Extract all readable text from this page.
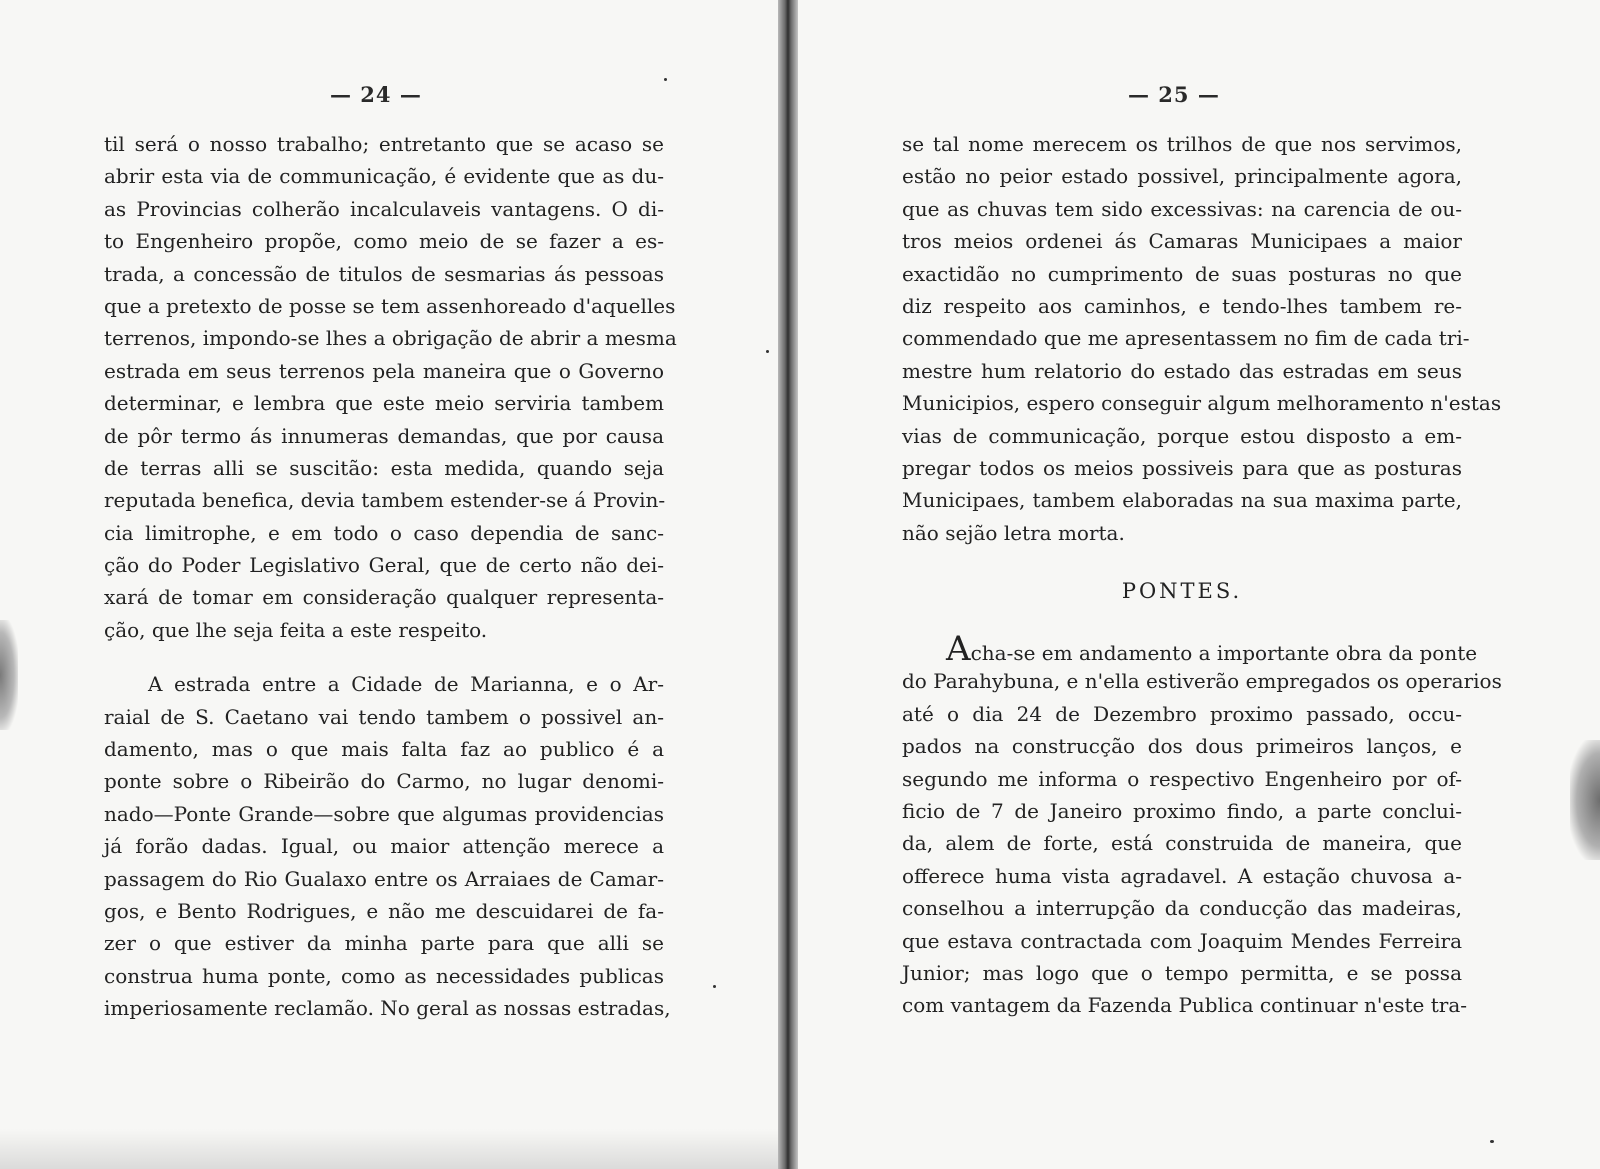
— 24 —
til será o nosso trabalho; entretanto que se acaso se
abrir esta via de communicação, é evidente que as du-
as Provincias colherão incalculaveis vantagens. O di-
to Engenheiro propõe, como meio de se fazer a es-
trada, a concessão de titulos de sesmarias ás pessoas
que a pretexto de posse se tem assenhoreado d'aquelles
terrenos, impondo-se lhes a obrigação de abrir a mesma
estrada em seus terrenos pela maneira que o Governo
determinar, e lembra que este meio serviria tambem
de pôr termo ás innumeras demandas, que por causa
de terras alli se suscitão: esta medida, quando seja
reputada benefica, devia tambem estender-se á Provin-
cia limitrophe, e em todo o caso dependia de sanc-
ção do Poder Legislativo Geral, que de certo não dei-
xará de tomar em consideração qualquer representa-
ção, que lhe seja feita a este respeito.
A estrada entre a Cidade de Marianna, e o Ar-
raial de S. Caetano vai tendo tambem o possivel an-
damento, mas o que mais falta faz ao publico é a
ponte sobre o Ribeirão do Carmo, no lugar denomi-
nado—Ponte Grande—sobre que algumas providencias
já forão dadas. Igual, ou maior attenção merece a
passagem do Rio Gualaxo entre os Arraiaes de Camar-
gos, e Bento Rodrigues, e não me descuidarei de fa-
zer o que estiver da minha parte para que alli se
construa huma ponte, como as necessidades publicas
imperiosamente reclamão. No geral as nossas estradas,
— 25 —
se tal nome merecem os trilhos de que nos servimos,
estão no peior estado possivel, principalmente agora,
que as chuvas tem sido excessivas: na carencia de ou-
tros meios ordenei ás Camaras Municipaes a maior
exactidão no cumprimento de suas posturas no que
diz respeito aos caminhos, e tendo-lhes tambem re-
commendado que me apresentassem no fim de cada tri-
mestre hum relatorio do estado das estradas em seus
Municipios, espero conseguir algum melhoramento n'estas
vias de communicação, porque estou disposto a em-
pregar todos os meios possiveis para que as posturas
Municipaes, tambem elaboradas na sua maxima parte,
não sejão letra morta.
PONTES.
Acha-se em andamento a importante obra da ponte
do Parahybuna, e n'ella estiverão empregados os operarios
até o dia 24 de Dezembro proximo passado, occu-
pados na construcção dos dous primeiros lanços, e
segundo me informa o respectivo Engenheiro por of-
ficio de 7 de Janeiro proximo findo, a parte conclui-
da, alem de forte, está construida de maneira, que
offerece huma vista agradavel. A estação chuvosa a-
conselhou a interrupção da conducção das madeiras,
que estava contractada com Joaquim Mendes Ferreira
Junior; mas logo que o tempo permitta, e se possa
com vantagem da Fazenda Publica continuar n'este tra-
